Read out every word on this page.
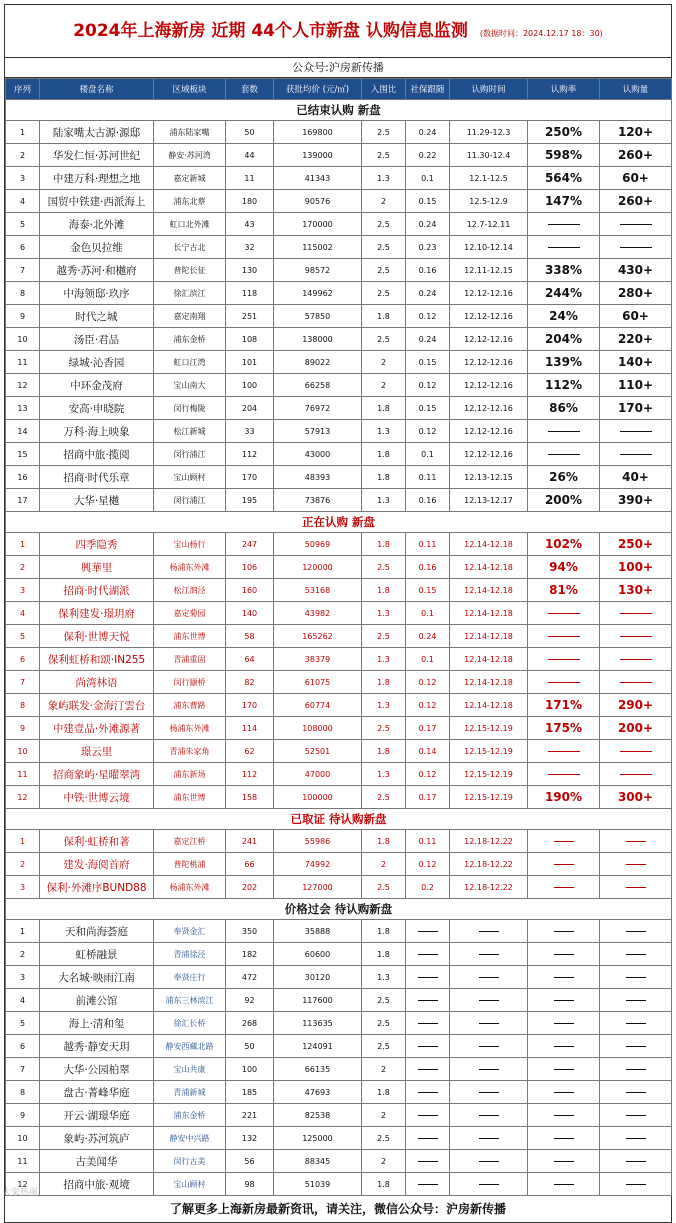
2024年上海新房 近期 44个人市新盘 认购信息监测 (数据时间：2024.12.17 18：30)
公众号:沪房新传播
序列	楼盘名称	区域板块	套数	获批均价 (元/㎡)	入围比	社保跟随	认购时间	认购率	认购量
已结束认购 新盘									
1	陆家嘴太古源·源邸	浦东陆家嘴	50	169800	2.5	0.24	11.29-12.3	250%	120+
2	华发仁恒·苏河世纪	静安·苏河湾	44	139000	2.5	0.22	11.30-12.4	598%	260+
3	中建万科·理想之地	嘉定新城	11	41343	1.3	0.1	12.1-12.5	564%	60+
4	国贸中铁建·西派海上	浦东北蔡	180	90576	2	0.15	12.5-12.9	147%	260+
5	海泰·北外滩	虹口北外滩	43	170000	2.5	0.24	12.7-12.11		
6	金色贝拉维	长宁古北	32	115002	2.5	0.23	12.10-12.14		
7	越秀·苏河·和樾府	普陀长征	130	98572	2.5	0.16	12.11-12.15	338%	430+
8	中海领邸·玖序	徐汇滨江	118	149962	2.5	0.24	12.12-12.16	244%	280+
9	时代之城	嘉定南翔	251	57850	1.8	0.12	12.12-12.16	24%	60+
10	汤臣·君品	浦东金桥	108	138000	2.5	0.24	12.12-12.16	204%	220+
11	绿城·沁香园	虹口江湾	101	89022	2	0.15	12.12-12.16	139%	140+
12	中环金茂府	宝山南大	100	66258	2	0.12	12.12-12.16	112%	110+
13	安高·申晓院	闵行梅陇	204	76972	1.8	0.15	12.12-12.16	86%	170+
14	万科·海上映象	松江新城	33	57913	1.3	0.12	12.12-12.16		
15	招商中旅·揽阅	闵行浦江	112	43000	1.8	0.1	12.12-12.16		
16	招商·时代乐章	宝山顾村	170	48393	1.8	0.11	12.13-12.15	26%	40+
17	大华·星樾	闵行浦江	195	73876	1.3	0.16	12.13-12.17	200%	390+
正在认购 新盘									
1	四季隐秀	宝山杨行	247	50969	1.8	0.11	12.14-12.18	102%	250+
2	興華里	杨浦东外滩	106	120000	2.5	0.16	12.14-12.18	94%	100+
3	招商·时代湖派	松江泗泾	160	53168	1.8	0.15	12.14-12.18	81%	130+
4	保利建发·璟玥府	嘉定菊园	140	43982	1.3	0.1	12.14-12.18		
5	保利·世博天悦	浦东世博	58	165262	2.5	0.24	12.14-12.18		
6	保利虹桥和颂·IN255	青浦重固	64	38379	1.3	0.1	12.14-12.18		
7	尚湾林语	闵行颛桥	82	61075	1.8	0.12	12.14-12.18		
8	象屿联发·金海汀雲台	浦东曹路	170	60774	1.3	0.12	12.14-12.18	171%	290+
9	中建壹品·外滩源著	杨浦东外滩	114	108000	2.5	0.17	12.15-12.19	175%	200+
10	璟云里	青浦朱家角	62	52501	1.8	0.14	12.15-12.19		
11	招商象屿·星曜翠湾	浦东新场	112	47000	1.3	0.12	12.15-12.19		
12	中铁·世博云境	浦东世博	158	100000	2.5	0.17	12.15-12.19	190%	300+
已取证 待认购新盘									
1	保利·虹桥和著	嘉定江桥	241	55986	1.8	0.11	12.18-12.22		
2	建发·海阅首府	普陀桃浦	66	74992	2	0.12	12.18-12.22		
3	保利·外滩序BUND88	杨浦东外滩	202	127000	2.5	0.2	12.18-12.22		
价格过会 待认购新盘									
1	天和尚海荟庭	奉贤金汇	350	35888	1.8				
2	虹桥融景	青浦徐泾	182	60600	1.8				
3	大名城·映雨江南	奉贤庄行	472	30120	1.3				
4	前滩公馆	浦东三林滨江	92	117600	2.5				
5	海上·清和玺	徐汇长桥	268	113635	2.5				
6	越秀·静安天玥	静安西藏北路	50	124091	2.5				
7	大华·公园柏翠	宝山共康	100	66135	2				
8	盘古·菁峰华庭	青浦新城	185	47693	1.8				
9	开云·湖璟华庭	浦东金桥	221	82538	2				
10	象屿·苏河筑庐	静安中兴路	132	125000	2.5				
11	古美闻华	闵行古美	56	88345	2				
12	招商中旅·观境	宝山顾村	98	51039	1.8				
了解更多上海新房最新资讯，请关注，微信公众号：沪房新传播
大家热图
